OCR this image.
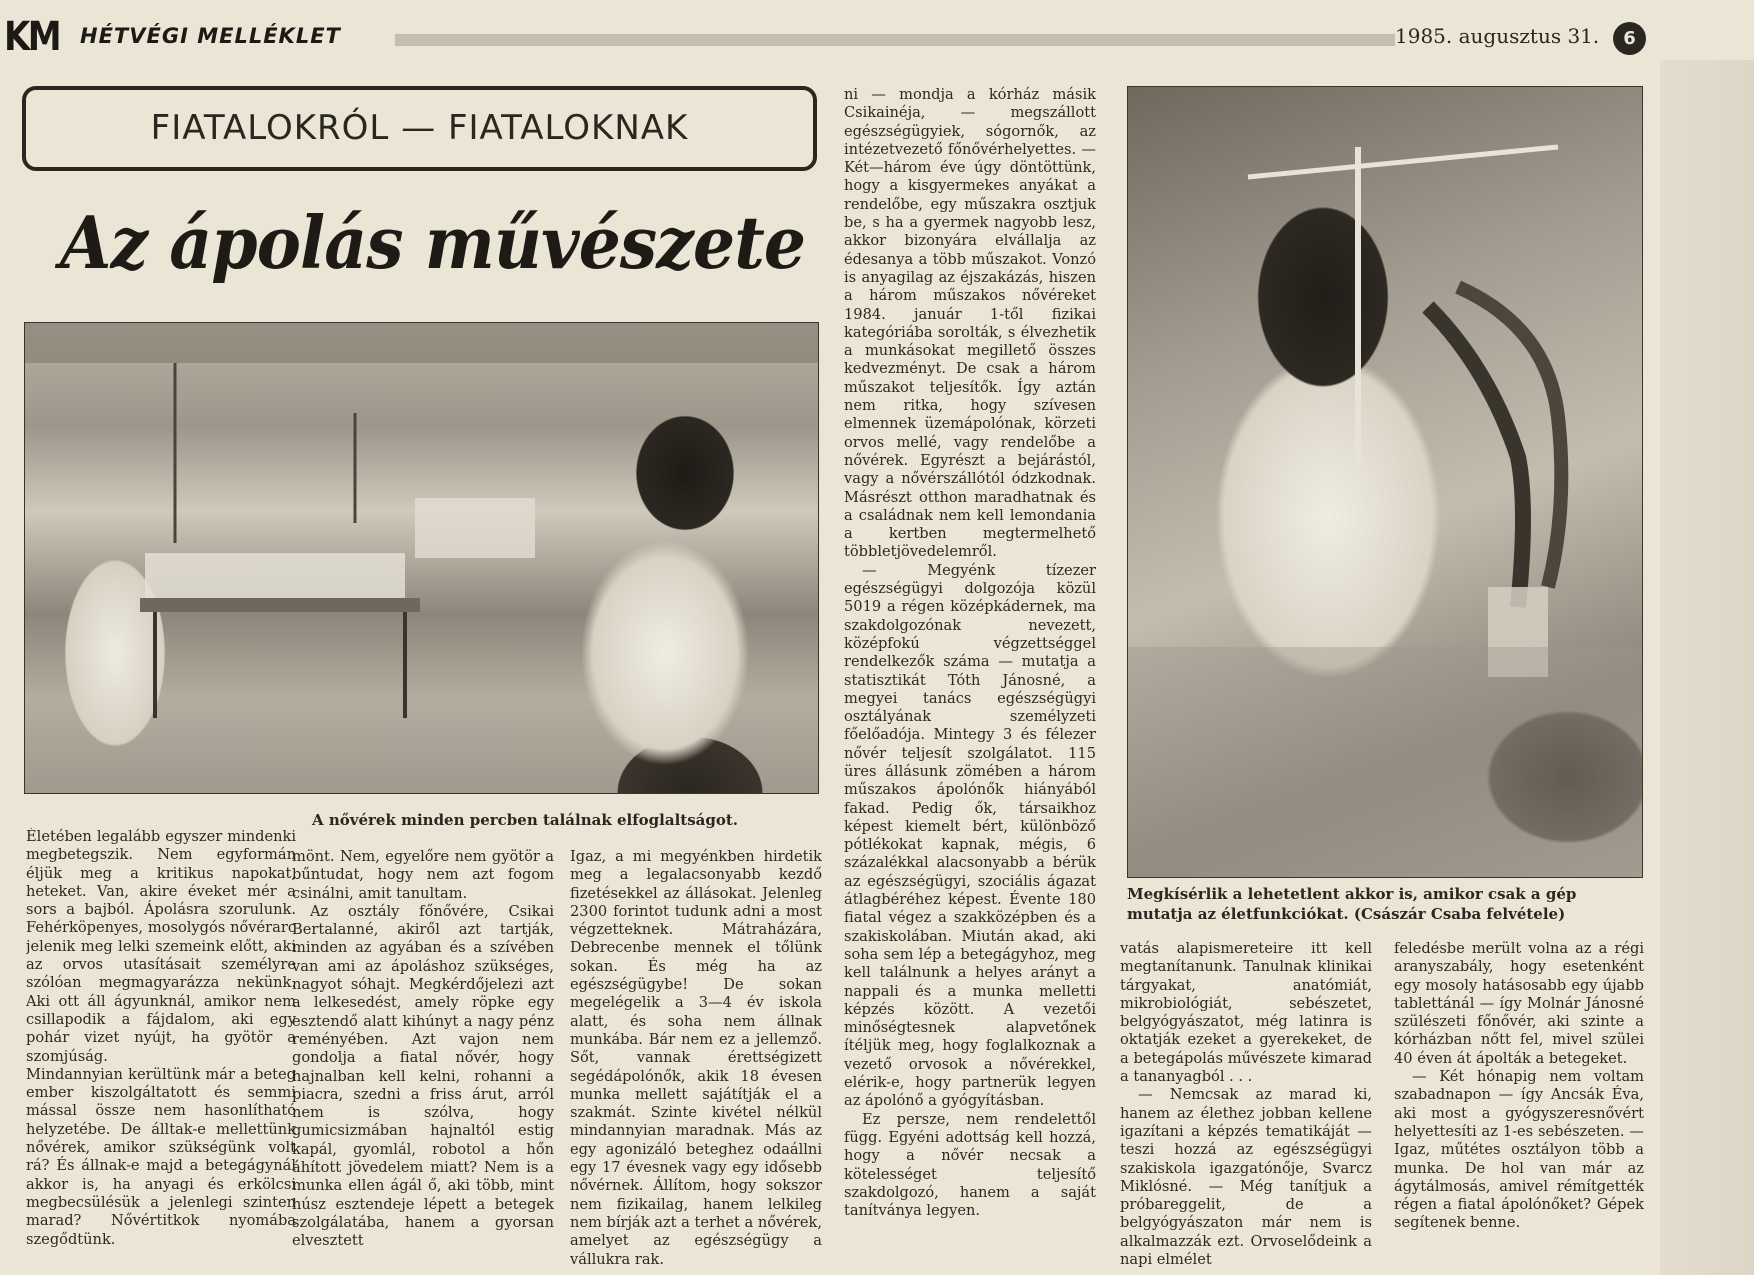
KM HÉTVÉGI MELLÉKLET	1985. augusztus 31.	6
FIATALOKRÓL — FIATALOKNAK
Az ápolás művészete
A nővérek minden percben találnak elfoglaltságot.
Megkísérlik a lehetetlent akkor is, amikor csak a gép mutatja az életfunkciókat. (Császár Csaba felvétele)

Életében legalább egyszer mindenki megbetegszik. Nem egyformán éljük meg a kritikus napokat, heteket. Van, akire éveket mér a sors a bajból. Ápolásra szorulunk. Fehérköpenyes, mosolygós nővérarc jelenik meg lelki szemeink előtt, aki az orvos utasításait személyre szólóan megmagyarázza nekünk. Aki ott áll ágyunknál, amikor nem csillapodik a fájdalom, aki egy pohár vizet nyújt, ha gyötör a szomjúság.

Mindannyian kerültünk már a beteg ember kiszolgáltatott és semmi mással össze nem hasonlítható helyzetébe. De álltak-e mellettünk nővérek, amikor szükségünk volt rá? És állnak-e majd a betegágynál akkor is, ha anyagi és erkölcsi megbecsülésük a jelenlegi szinten marad? Nővértitkok nyomába szegődtünk.

mönt. Nem, egyelőre nem gyötör a bűntudat, hogy nem azt fogom csinálni, amit tanultam.

Az osztály főnővére, Csikai Bertalanné, akiről azt tartják, minden az agyában és a szívében van ami az ápoláshoz szükséges, nagyot sóhajt. Megkérdőjelezi azt a lelkesedést, amely röpke egy esztendő alatt kihúnyt a nagy pénz reményében. Azt vajon nem gondolja a fiatal nővér, hogy hajnalban kell kelni, rohanni a piacra, szedni a friss árut, arról nem is szólva, hogy gumicsizmában hajnaltól estig kapál, gyomlál, robotol a hőn áhított jövedelem miatt? Nem is a munka ellen ágál ő, aki több, mint húsz esztendeje lépett a betegek szolgálatába, hanem a gyorsan elvesztett

Igaz, a mi megyénkben hirdetik meg a legalacsonyabb kezdő fizetésekkel az állásokat. Jelenleg 2300 forintot tudunk adni a most végzetteknek. Mátraházára, Debrecenbe mennek el tőlünk sokan. És még ha az egészségügybe! De sokan megelégelik a 3—4 év iskola alatt, és soha nem állnak munkába. Bár nem ez a jellemző. Sőt, vannak érettségizett segédápolónők, akik 18 évesen munka mellett sajátítják el a szakmát. Szinte kivétel nélkül mindannyian maradnak. Más az egy agonizáló beteghez odaállni egy 17 évesnek vagy egy idősebb nővérnek. Állítom, hogy sokszor nem fizikailag, hanem lelkileg nem bírják azt a terhet a nővérek, amelyet az egészségügy a vállukra rak.

ni — mondja a kórház másik Csikainéja, — megszállott egészségügyiek, sógornők, az intézetvezető főnővérhelyettes. — Két—három éve úgy döntöttünk, hogy a kisgyermekes anyákat a rendelőbe, egy műszakra osztjuk be, s ha a gyermek nagyobb lesz, akkor bizonyára elvállalja az édesanya a több műszakot. Vonzó is anyagilag az éjszakázás, hiszen a három műszakos nővéreket 1984. január 1-től fizikai kategóriába sorolták, s élvezhetik a munkásokat megillető összes kedvezményt. De csak a három műszakot teljesítők. Így aztán nem ritka, hogy szívesen elmennek üzemápolónak, körzeti orvos mellé, vagy rendelőbe a nővérek. Egyrészt a bejárástól, vagy a nővérszállótól ódzkodnak. Másrészt otthon maradhatnak és a családnak nem kell lemondania a kertben megtermelhető többletjövedelemről.

— Megyénk tízezer egészségügyi dolgozója közül 5019 a régen középkádernek, ma szakdolgozónak nevezett, középfokú végzettséggel rendelkezők száma — mutatja a statisztikát Tóth Jánosné, a megyei tanács egészségügyi osztályának személyzeti főelőadója. Mintegy 3 és félezer nővér teljesít szolgálatot. 115 üres állásunk zömében a három műszakos ápolónők hiányából fakad. Pedig ők, társaikhoz képest kiemelt bért, különböző pótlékokat kapnak, mégis, 6 százalékkal alacsonyabb a bérük az egészségügyi, szociális ágazat átlagbéréhez képest. Évente 180 fiatal végez a szakközépben és a szakiskolában. Miután akad, aki soha sem lép a betegágyhoz, meg kell találnunk a helyes arányt a nappali és a munka melletti képzés között. A vezetői minőségtesnek alapvetőnek ítéljük meg, hogy foglalkoznak a vezető orvosok a nővérekkel, elérik-e, hogy partnerük legyen az ápolónő a gyógyításban.

Ez persze, nem rendelettől függ. Egyéni adottság kell hozzá, hogy a nővér necsak a kötelességet teljesítő szakdolgozó, hanem a saját tanítványa legyen.

vatás alapismereteire itt kell megtanítanunk. Tanulnak klinikai tárgyakat, anatómiát, mikrobiológiát, sebészetet, belgyógyászatot, még latinra is oktatják ezeket a gyerekeket, de a betegápolás művészete kimarad a tananyagból . . .

— Nemcsak az marad ki, hanem az élethez jobban kellene igazítani a képzés tematikáját — teszi hozzá az egészségügyi szakiskola igazgatónője, Svarcz Miklósné. — Még tanítjuk a próbareggelit, de a belgyógyászaton már nem is alkalmazzák ezt. Orvoselődeink a napi elmélet

feledésbe merült volna az a régi aranyszabály, hogy esetenként egy mosoly hatásosabb egy újabb tablettánál — így Molnár Jánosné szülészeti főnővér, aki szinte a kórházban nőtt fel, mivel szülei 40 éven át ápolták a betegeket.

— Két hónapig nem voltam szabadnapon — így Ancsák Éva, aki most a gyógyszeresnővért helyettesíti az 1-es sebészeten. — Igaz, műtétes osztályon több a munka. De hol van már az ágytálmosás, amivel rémítgették régen a fiatal ápolónőket? Gépek segítenek benne.
